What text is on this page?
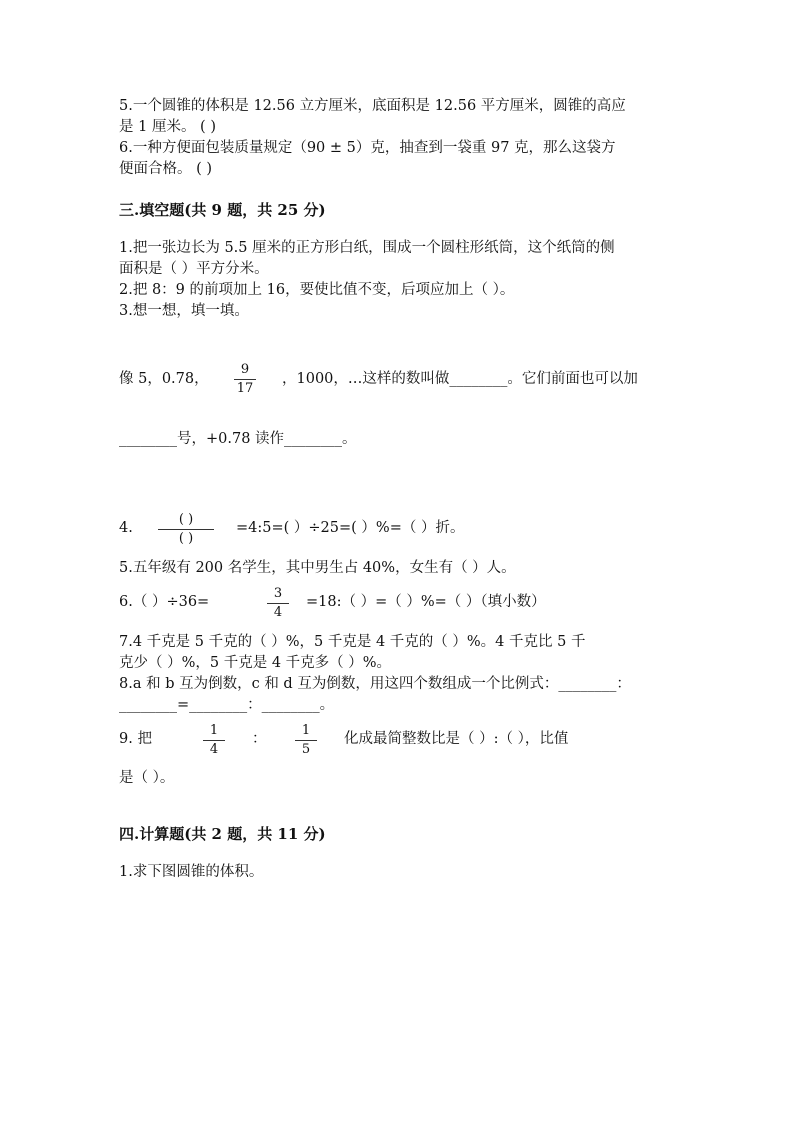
5.一个圆锥的体积是 12.56 立方厘米，底面积是 12.56 平方厘米，圆锥的高应
是 1 厘米。 ( )
6.一种方便面包装质量规定（90 ± 5）克，抽查到一袋重 97 克，那么这袋方
便面合格。 ( )
三.填空题(共 9 题，共 25 分)
1.把一张边长为 5.5 厘米的正方形白纸，围成一个圆柱形纸筒，这个纸筒的侧
面积是（ ）平方分米。
2.把 8：9 的前项加上 16，要使比值不变，后项应加上（ ）。
3.想一想，填一填。
像 5，0.78，
9
17
，1000，…这样的数叫做________。它们前面也可以加
________号，+0.78 读作________。
4.
( )
( )
=4:5=( ）÷25=( ）%=（ ）折。
5.五年级有 200 名学生，其中男生占 40%，女生有（ ）人。
6.（ ）÷36=
3
4
=18:（ ）=（ ）%=（ ）（填小数）
7.4 千克是 5 千克的（ ）%，5 千克是 4 千克的（ ）%。4 千克比 5 千
克少（ ）%，5 千克是 4 千克多（ ）%。
8.a 和 b 互为倒数，c 和 d 互为倒数，用这四个数组成一个比例式：________：
________=________：________。
9. 把
1
4
：
1
5
化成最简整数比是（ ）:（ ），比值
是（ ）。
四.计算题(共 2 题，共 11 分)
1.求下图圆锥的体积。
